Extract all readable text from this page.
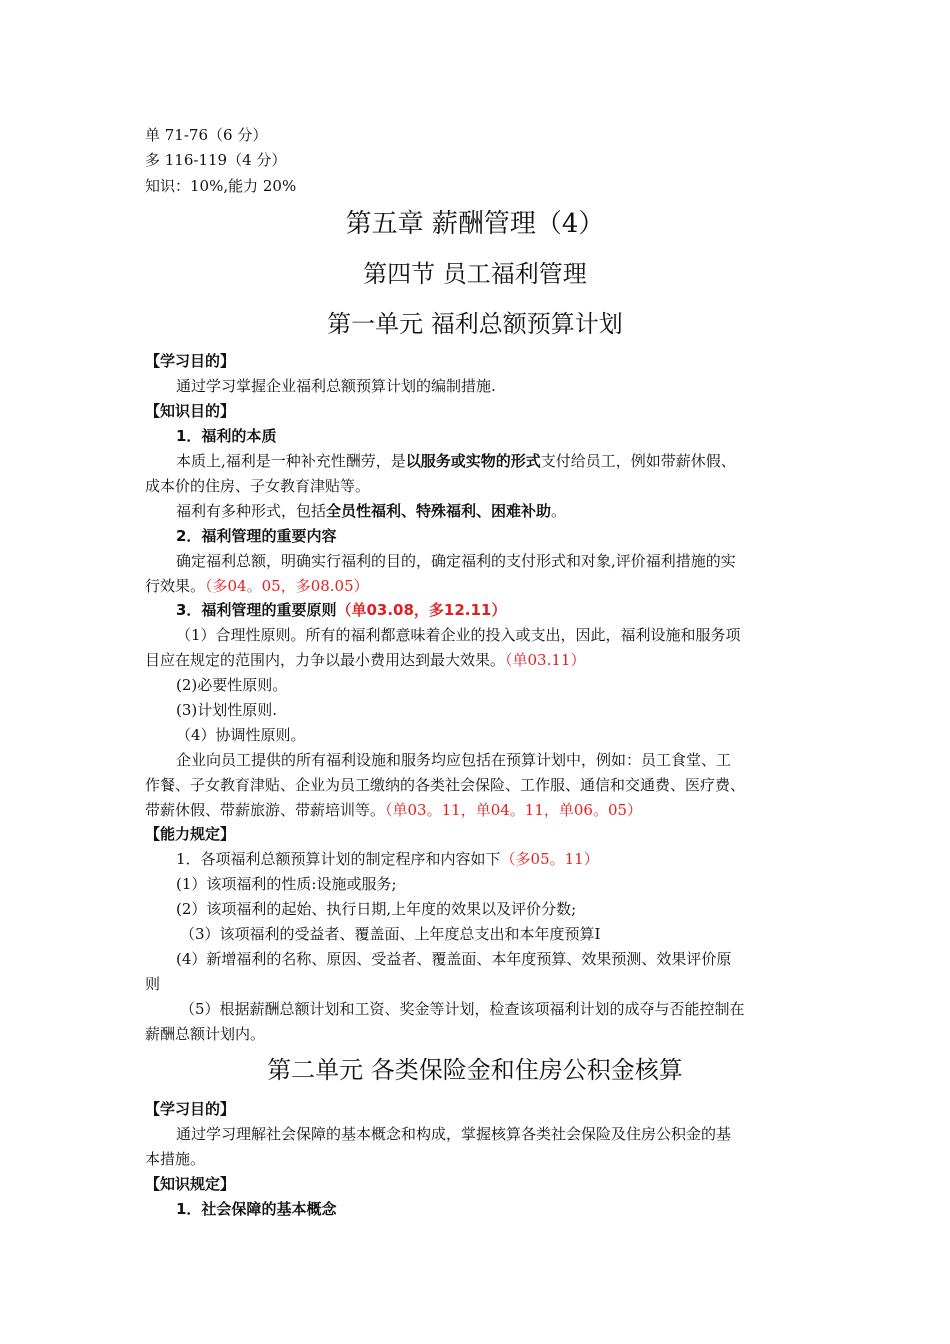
单 71-76（6 分）
多 116-119（4 分）
知识：10%,能力 20%
第五章 薪酬管理（4）
第四节 员工福利管理
第一单元 福利总额预算计划
【学习目的】
通过学习掌握企业福利总额预算计划的编制措施.
【知识目的】
1．福利的本质
本质上,福利是一种补充性酬劳，是以服务或实物的形式支付给员工，例如带薪休假、
成本价的住房、子女教育津贴等。
福利有多种形式，包括全员性福利、特殊福利、困难补助。
2．福利管理的重要内容
确定福利总额，明确实行福利的目的，确定福利的支付形式和对象,评价福利措施的实
行效果。（多04。05，多08.05）
3．福利管理的重要原则（单03.08，多12.11）
（1）合理性原则。所有的福利都意味着企业的投入或支出，因此，福利设施和服务项
目应在规定的范围内，力争以最小费用达到最大效果。（单03.11）
(2)必要性原则。
(3)计划性原则.
（4）协调性原则。
企业向员工提供的所有福利设施和服务均应包括在预算计划中，例如：员工食堂、工
作餐、子女教育津贴、企业为员工缴纳的各类社会保险、工作服、通信和交通费、医疗费、
带薪休假、带薪旅游、带薪培训等。（单03。11，单04。11，单06。05）
【能力规定】
1．各项福利总额预算计划的制定程序和内容如下（多05。11）
(1）该项福利的性质:设施或服务;
(2）该项福利的起始、执行日期,上年度的效果以及评价分数;
（3）该项福利的受益者、覆盖面、上年度总支出和本年度预算I
(4）新增福利的名称、原因、受益者、覆盖面、本年度预算、效果预测、效果评价原
则
（5）根据薪酬总额计划和工资、奖金等计划，检查该项福利计划的成夺与否能控制在
薪酬总额计划内。
第二单元 各类保险金和住房公积金核算
【学习目的】
通过学习理解社会保障的基本概念和构成，掌握核算各类社会保险及住房公积金的基
本措施。
【知识规定】
1．社会保障的基本概念
